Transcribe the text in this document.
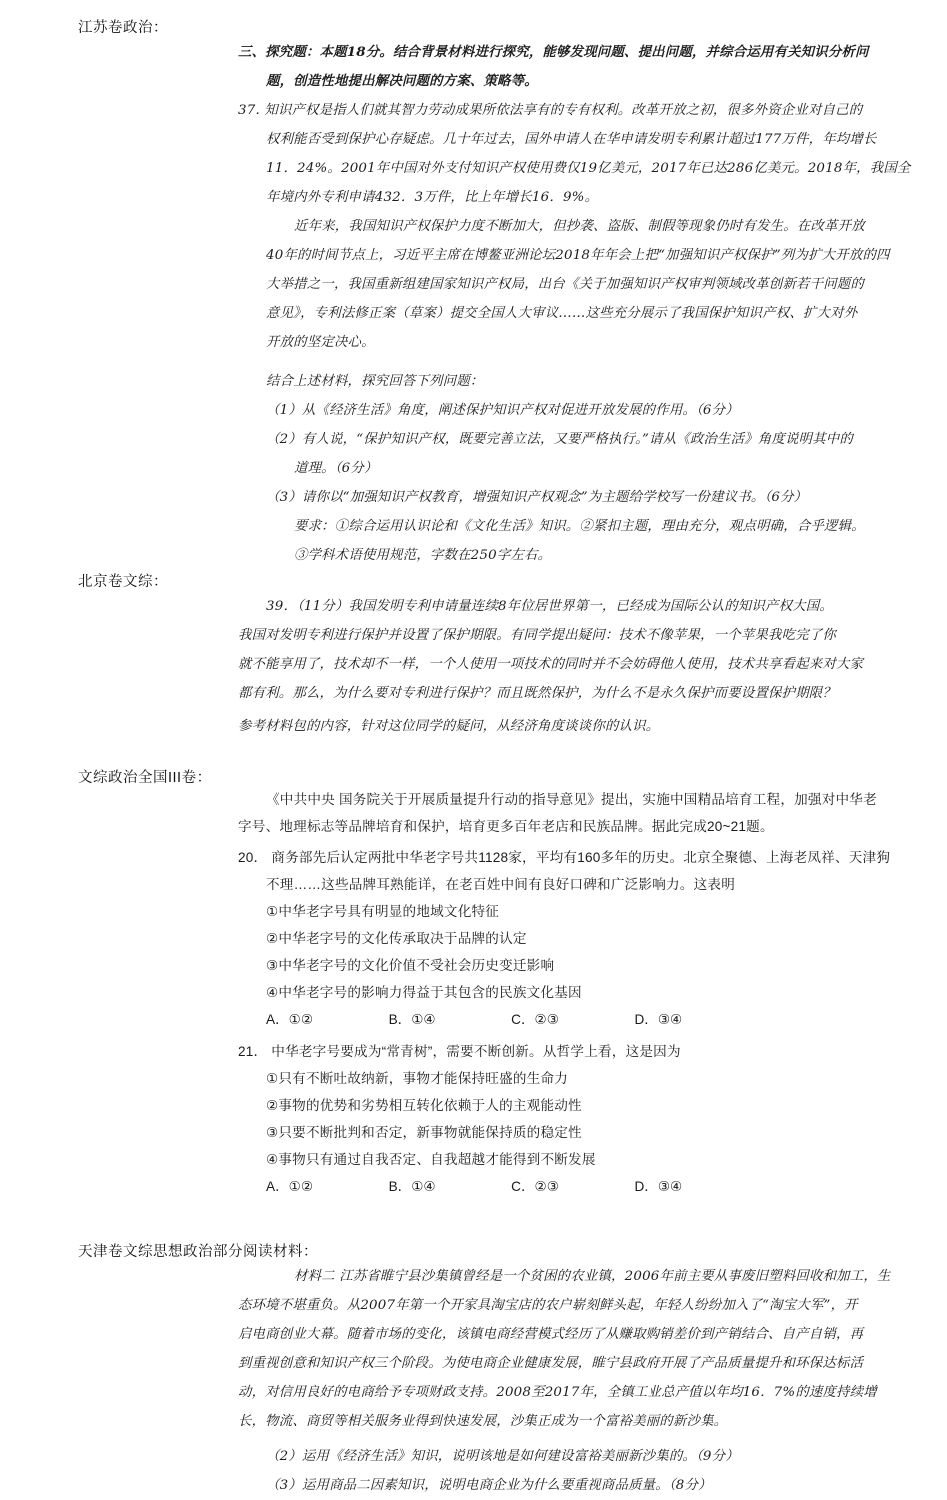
江苏卷政治：
三、探究题：本题18分。结合背景材料进行探究，能够发现问题、提出问题，并综合运用有关知识分析问
题，创造性地提出解决问题的方案、策略等。
37. 知识产权是指人们就其智力劳动成果所依法享有的专有权利。改革开放之初，很多外资企业对自己的
权利能否受到保护心存疑虑。几十年过去，国外申请人在华申请发明专利累计超过177万件，年均增长
11．24%。2001年中国对外支付知识产权使用费仅19亿美元，2017年已达286亿美元。2018年，我国全
年境内外专利申请432．3万件，比上年增长16．9%。
近年来，我国知识产权保护力度不断加大，但抄袭、盗版、制假等现象仍时有发生。在改革开放
40年的时间节点上，习近平主席在博鳌亚洲论坛2018年年会上把“加强知识产权保护”列为扩大开放的四
大举措之一，我国重新组建国家知识产权局，出台《关于加强知识产权审判领域改革创新若干问题的
意见》，专利法修正案（草案）提交全国人大审议……这些充分展示了我国保护知识产权、扩大对外
开放的坚定决心。
结合上述材料，探究回答下列问题：
（1）从《经济生活》角度，阐述保护知识产权对促进开放发展的作用。（6分）
（2）有人说，“保护知识产权，既要完善立法，又要严格执行。”请从《政治生活》角度说明其中的
道理。（6分）
（3）请你以“加强知识产权教育，增强知识产权观念”为主题给学校写一份建议书。（6分）
要求：①综合运用认识论和《文化生活》知识。②紧扣主题，理由充分，观点明确，合乎逻辑。
③学科术语使用规范，字数在250字左右。
北京卷文综：
39．（11分）我国发明专利申请量连续8年位居世界第一，已经成为国际公认的知识产权大国。
我国对发明专利进行保护并设置了保护期限。有同学提出疑问：技术不像苹果，一个苹果我吃完了你
就不能享用了，技术却不一样，一个人使用一项技术的同时并不会妨碍他人使用，技术共享看起来对大家
都有利。那么，为什么要对专利进行保护？而且既然保护，为什么不是永久保护而要设置保护期限？
参考材料包的内容，针对这位同学的疑问，从经济角度谈谈你的认识。
文综政治全国III卷：
《中共中央 国务院关于开展质量提升行动的指导意见》提出，实施中国精品培育工程，加强对中华老
字号、地理标志等品牌培育和保护，培育更多百年老店和民族品牌。据此完成20~21题。
20． 商务部先后认定两批中华老字号共1128家，平均有160多年的历史。北京全聚德、上海老凤祥、天津狗
不理……这些品牌耳熟能详，在老百姓中间有良好口碑和广泛影响力。这表明
①中华老字号具有明显的地域文化特征
②中华老字号的文化传承取决于品牌的认定
③中华老字号的文化价值不受社会历史变迁影响
④中华老字号的影响力得益于其包含的民族文化基因
A．①②                    B．①④                    C．②③                    D．③④
21． 中华老字号要成为“常青树”，需要不断创新。从哲学上看，这是因为
①只有不断吐故纳新，事物才能保持旺盛的生命力
②事物的优势和劣势相互转化依赖于人的主观能动性
③只要不断批判和否定，新事物就能保持质的稳定性
④事物只有通过自我否定、自我超越才能得到不断发展
A．①②                    B．①④                    C．②③                    D．③④
天津卷文综思想政治部分阅读材料：
材料二 江苏省睢宁县沙集镇曾经是一个贫困的农业镇，2006年前主要从事废旧塑料回收和加工，生
态环境不堪重负。从2007年第一个开家具淘宝店的农户崭刻鲜头起，年轻人纷纷加入了“淘宝大军”，开
启电商创业大幕。随着市场的变化，该镇电商经营模式经历了从赚取购销差价到产销结合、自产自销，再
到重视创意和知识产权三个阶段。为使电商企业健康发展，睢宁县政府开展了产品质量提升和环保达标活
动，对信用良好的电商给予专项财政支持。2008至2017年，全镇工业总产值以年均16．7%的速度持续增
长，物流、商贸等相关服务业得到快速发展，沙集正成为一个富裕美丽的新沙集。
（2）运用《经济生活》知识，说明该地是如何建设富裕美丽新沙集的。（9分）
（3）运用商品二因素知识，说明电商企业为什么要重视商品质量。（8分）
